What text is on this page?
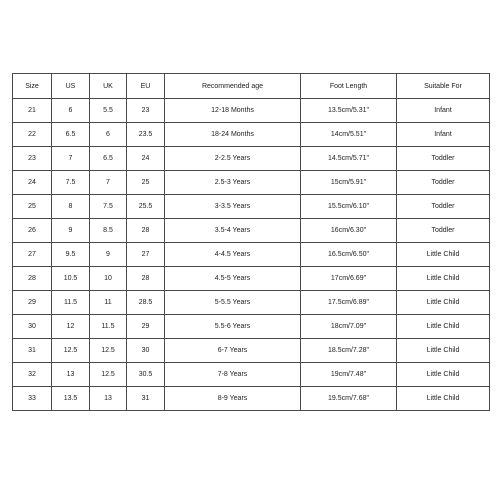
Size	US	UK	EU	Recommended age	Foot Length	Suitable For
21	6	5.5	23	12-18 Months	13.5cm/5.31"	Infant
22	6.5	6	23.5	18-24 Months	14cm/5.51"	Infant
23	7	6.5	24	2-2.5 Years	14.5cm/5.71"	Toddler
24	7.5	7	25	2.5-3 Years	15cm/5.91"	Toddler
25	8	7.5	25.5	3-3.5 Years	15.5cm/6.10"	Toddler
26	9	8.5	28	3.5-4 Years	16cm/6.30"	Toddler
27	9.5	9	27	4-4.5 Years	16.5cm/6.50"	Little Child
28	10.5	10	28	4.5-5 Years	17cm/6.69"	Little Child
29	11.5	11	28.5	5-5.5 Years	17.5cm/6.89"	Little Child
30	12	11.5	29	5.5-6 Years	18cm/7.09"	Little Child
31	12.5	12.5	30	6-7 Years	18.5cm/7.28"	Little Child
32	13	12.5	30.5	7-8 Years	19cm/7.48"	Little Child
33	13.5	13	31	8-9 Years	19.5cm/7.68"	Little Child
